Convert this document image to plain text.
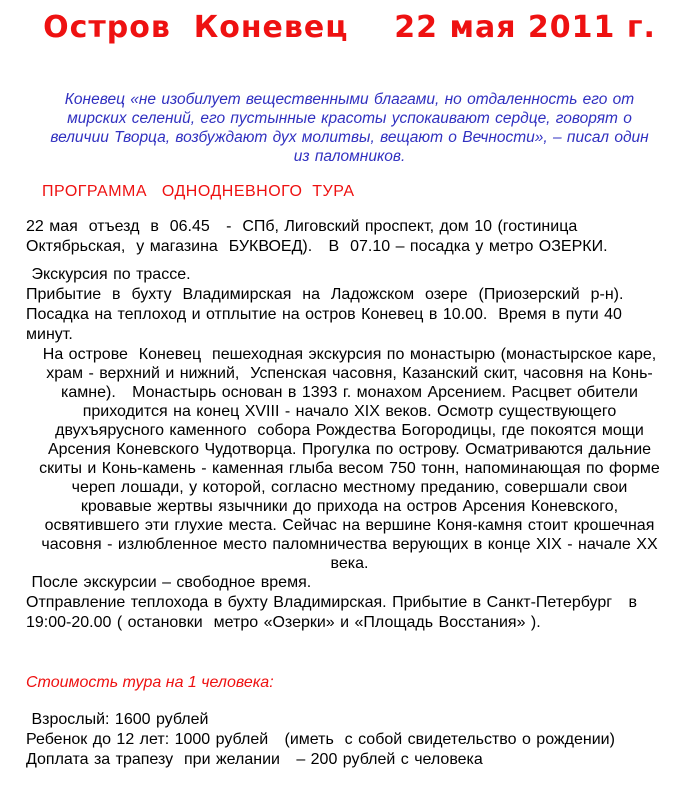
Остров  Коневец    22 мая 2011 г.
Коневец «не изобилует вещественными благами, но отдаленность его от
мирских селений, его пустынные красоты успокаивают сердце, говорят о
величии Творца, возбуждают дух молитвы, вещают о Вечности», – писал один
из паломников.
ПРОГРАММА   ОДНОДНЕВНОГО  ТУРА
22 мая  отъезд  в  06.45   -  СПб, Лиговский проспект, дом 10 (гостиница
Октябрьская,  у магазина  БУКВОЕД).   В  07.10 – посадка у метро ОЗЕРКИ.
Экскурсия по трассе.
Прибытие  в  бухту  Владимирская  на  Ладожском  озере  (Приозерский  р-н).
Посадка на теплоход и отплытие на остров Коневец в 10.00.  Время в пути 40
минут.
На острове  Коневец  пешеходная экскурсия по монастырю (монастырское каре,
храм - верхний и нижний,  Успенская часовня, Казанский скит, часовня на Конь-
камне).   Монастырь основан в 1393 г. монахом Арсением. Расцвет обители
приходится на конец XVIII - начало XIX веков. Осмотр существующего
двухъярусного каменного  собора Рождества Богородицы, где покоятся мощи
Арсения Коневского Чудотворца. Прогулка по острову. Осматриваются дальние
скиты и Конь-камень - каменная глыба весом 750 тонн, напоминающая по форме
череп лошади, у которой, согласно местному преданию, совершали свои
кровавые жертвы язычники до прихода на остров Арсения Коневского,
освятившего эти глухие места. Сейчас на вершине Коня-камня стоит крошечная
часовня - излюбленное место паломничества верующих в конце XIX - начале XX
века.
После экскурсии – свободное время.
Отправление теплохода в бухту Владимирская. Прибытие в Санкт-Петербург   в
19:00-20.00 ( остановки  метро «Озерки» и «Площадь Восстания» ).
Стоимость тура на 1 человека:
Взрослый: 1600 рублей
Ребенок до 12 лет: 1000 рублей   (иметь  с собой свидетельство о рождении)
Доплата за трапезу  при желании   – 200 рублей с человека
